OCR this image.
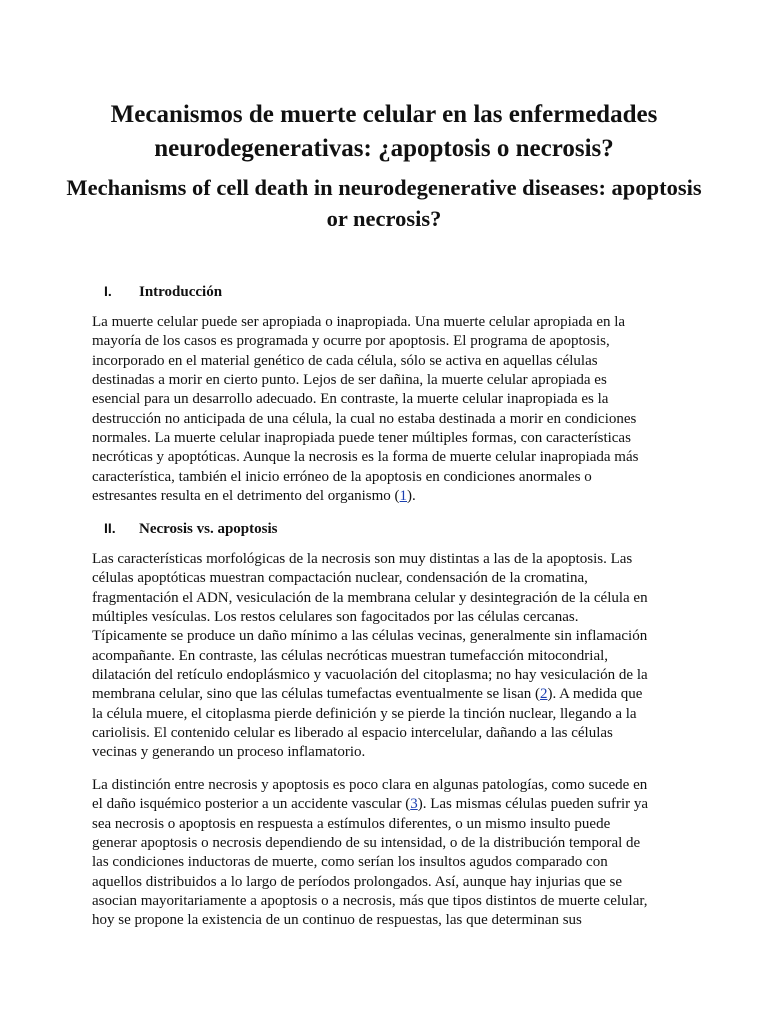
Mecanismos de muerte celular en las enfermedades neurodegenerativas: ¿apoptosis o necrosis?
Mechanisms of cell death in neurodegenerative diseases: apoptosis or necrosis?
I. Introducción

La muerte celular puede ser apropiada o inapropiada. Una muerte celular apropiada en la
mayoría de los casos es programada y ocurre por apoptosis. El programa de apoptosis,
incorporado en el material genético de cada célula, sólo se activa en aquellas células
destinadas a morir en cierto punto. Lejos de ser dañina, la muerte celular apropiada es
esencial para un desarrollo adecuado. En contraste, la muerte celular inapropiada es la
destrucción no anticipada de una célula, la cual no estaba destinada a morir en condiciones
normales. La muerte celular inapropiada puede tener múltiples formas, con características
necróticas y apoptóticas. Aunque la necrosis es la forma de muerte celular inapropiada más
característica, también el inicio erróneo de la apoptosis en condiciones anormales o
estresantes resulta en el detrimento del organismo (1).

II. Necrosis vs. apoptosis

Las características morfológicas de la necrosis son muy distintas a las de la apoptosis. Las
células apoptóticas muestran compactación nuclear, condensación de la cromatina,
fragmentación el ADN, vesiculación de la membrana celular y desintegración de la célula en
múltiples vesículas. Los restos celulares son fagocitados por las células cercanas.
Típicamente se produce un daño mínimo a las células vecinas, generalmente sin inflamación
acompañante. En contraste, las células necróticas muestran tumefacción mitocondrial,
dilatación del retículo endoplásmico y vacuolación del citoplasma; no hay vesiculación de la
membrana celular, sino que las células tumefactas eventualmente se lisan (2). A medida que
la célula muere, el citoplasma pierde definición y se pierde la tinción nuclear, llegando a la
cariolisis. El contenido celular es liberado al espacio intercelular, dañando a las células
vecinas y generando un proceso inflamatorio.

La distinción entre necrosis y apoptosis es poco clara en algunas patologías, como sucede en
el daño isquémico posterior a un accidente vascular (3). Las mismas células pueden sufrir ya
sea necrosis o apoptosis en respuesta a estímulos diferentes, o un mismo insulto puede
generar apoptosis o necrosis dependiendo de su intensidad, o de la distribución temporal de
las condiciones inductoras de muerte, como serían los insultos agudos comparado con
aquellos distribuidos a lo largo de períodos prolongados. Así, aunque hay injurias que se
asocian mayoritariamente a apoptosis o a necrosis, más que tipos distintos de muerte celular,
hoy se propone la existencia de un continuo de respuestas, las que determinan sus
